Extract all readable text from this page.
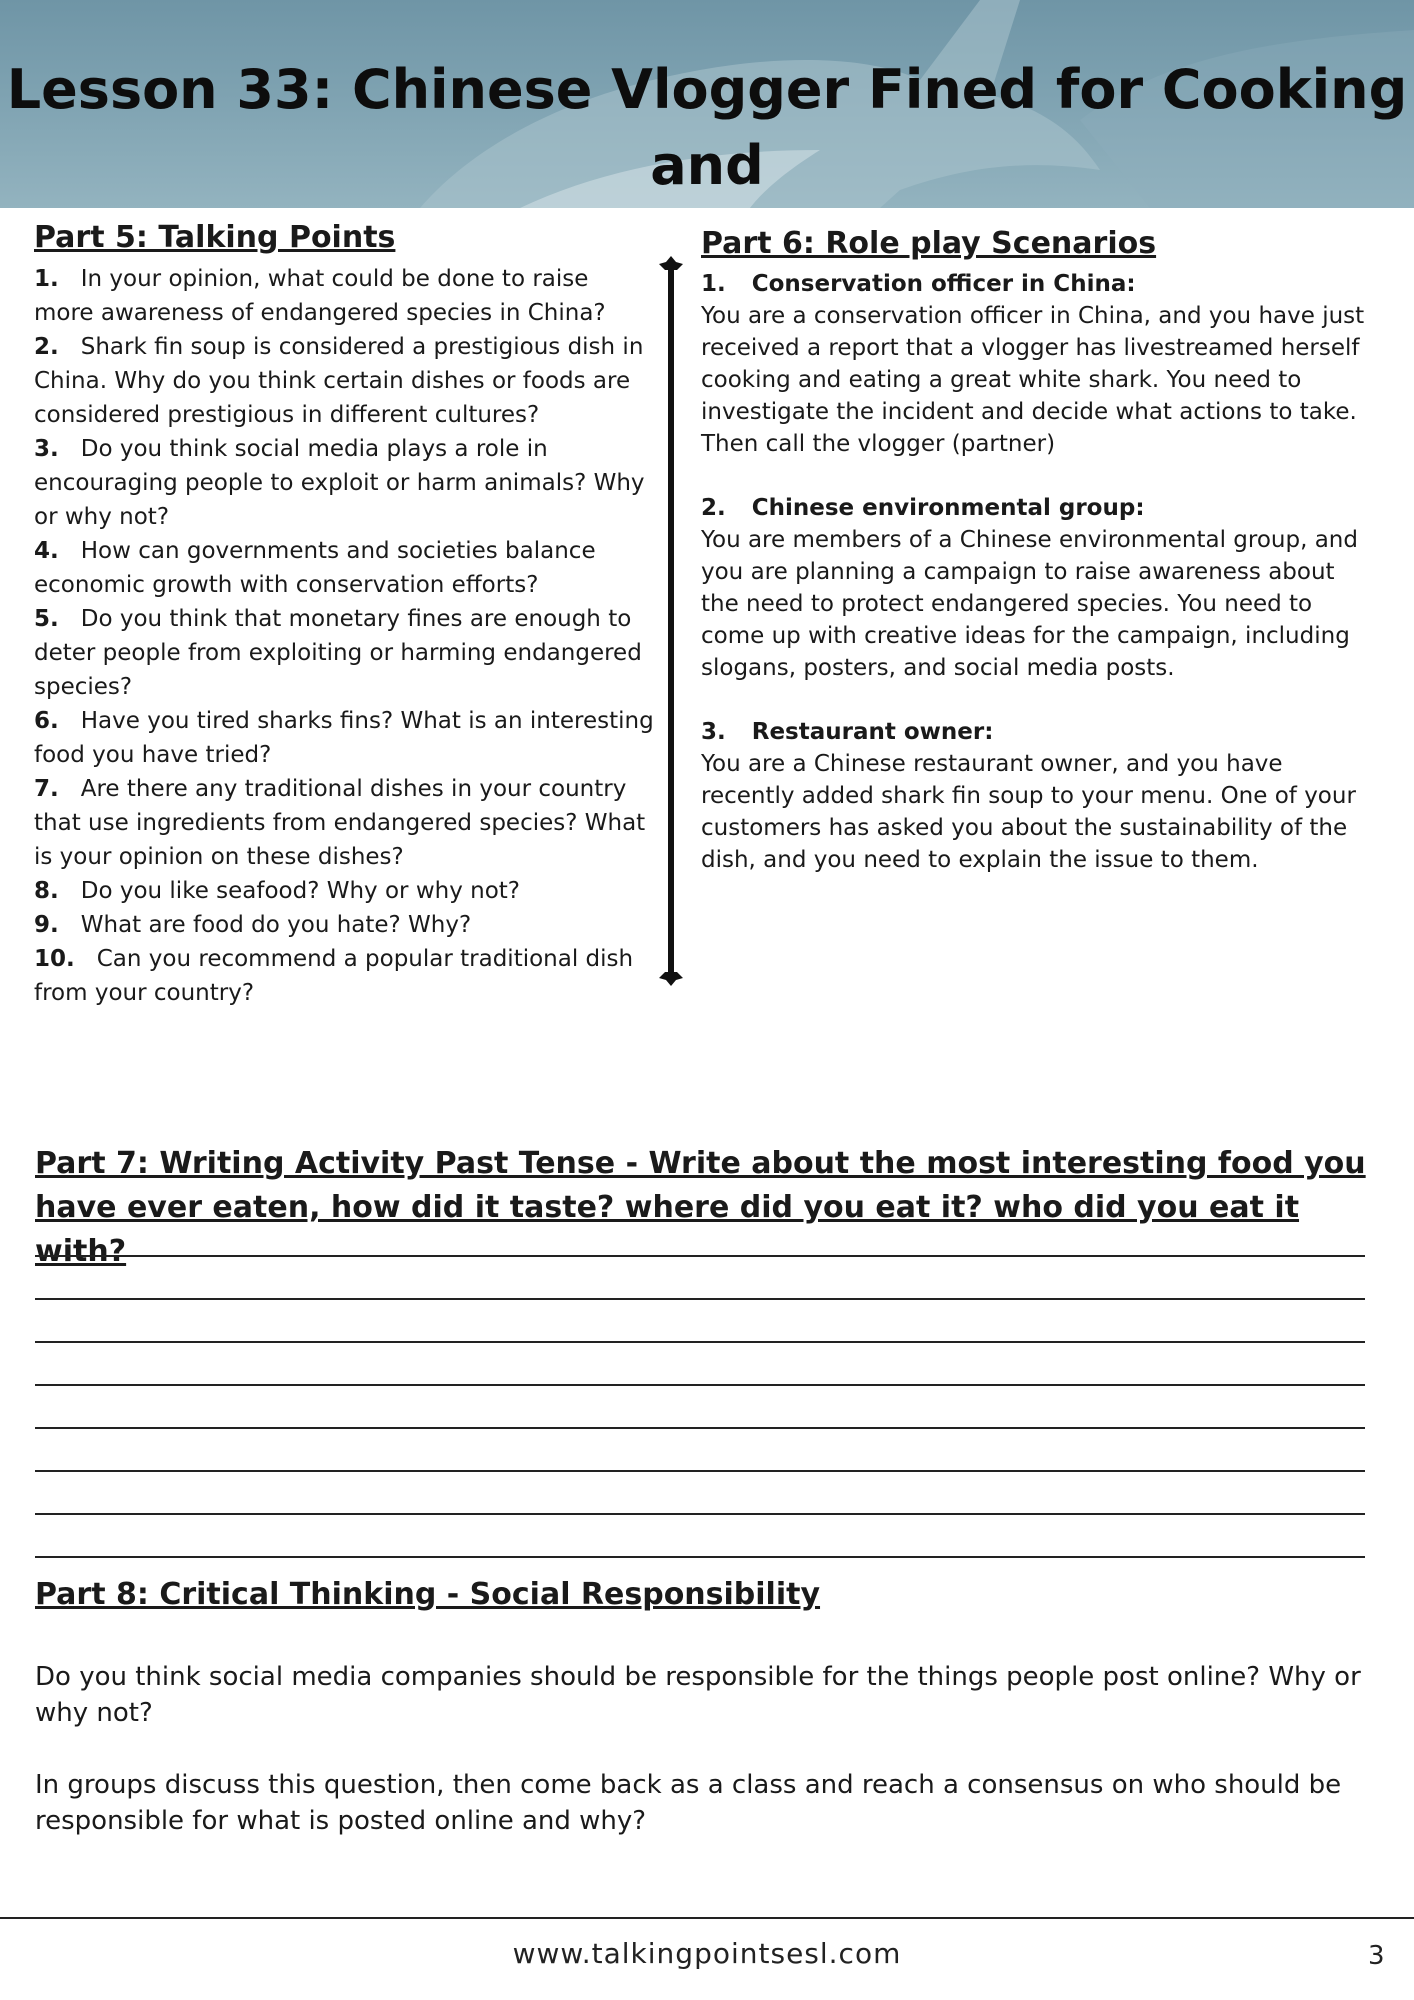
Lesson 33: Chinese Vlogger Fined for Cooking and
Part 5: Talking Points
1. In your opinion, what could be done to raise more awareness of endangered species in China?
2. Shark fin soup is considered a prestigious dish in China. Why do you think certain dishes or foods are considered prestigious in different cultures?
3. Do you think social media plays a role in encouraging people to exploit or harm animals? Why or why not?
4. How can governments and societies balance economic growth with conservation efforts?
5. Do you think that monetary fines are enough to deter people from exploiting or harming endangered species?
6. Have you tired sharks fins? What is an interesting food you have tried?
7. Are there any traditional dishes in your country that use ingredients from endangered species? What is your opinion on these dishes?
8. Do you like seafood? Why or why not?
9. What are food do you hate? Why?
10. Can you recommend a popular traditional dish from your country?
Part 6: Role play Scenarios
1. Conservation officer in China:
You are a conservation officer in China, and you have just received a report that a vlogger has livestreamed herself cooking and eating a great white shark. You need to investigate the incident and decide what actions to take. Then call the vlogger (partner)
2. Chinese environmental group:
You are members of a Chinese environmental group, and you are planning a campaign to raise awareness about the need to protect endangered species. You need to come up with creative ideas for the campaign, including slogans, posters, and social media posts.
3. Restaurant owner:
You are a Chinese restaurant owner, and you have recently added shark fin soup to your menu. One of your customers has asked you about the sustainability of the dish, and you need to explain the issue to them.
Part 7: Writing Activity Past Tense - Write about the most interesting food you have ever eaten, how did it taste? where did you eat it? who did you eat it with?
Part 8: Critical Thinking - Social Responsibility

Do you think social media companies should be responsible for the things people post online? Why or why not?

In groups discuss this question, then come back as a class and reach a consensus on who should be responsible for what is posted online and why?

www.talkingpointsesl.com	3
